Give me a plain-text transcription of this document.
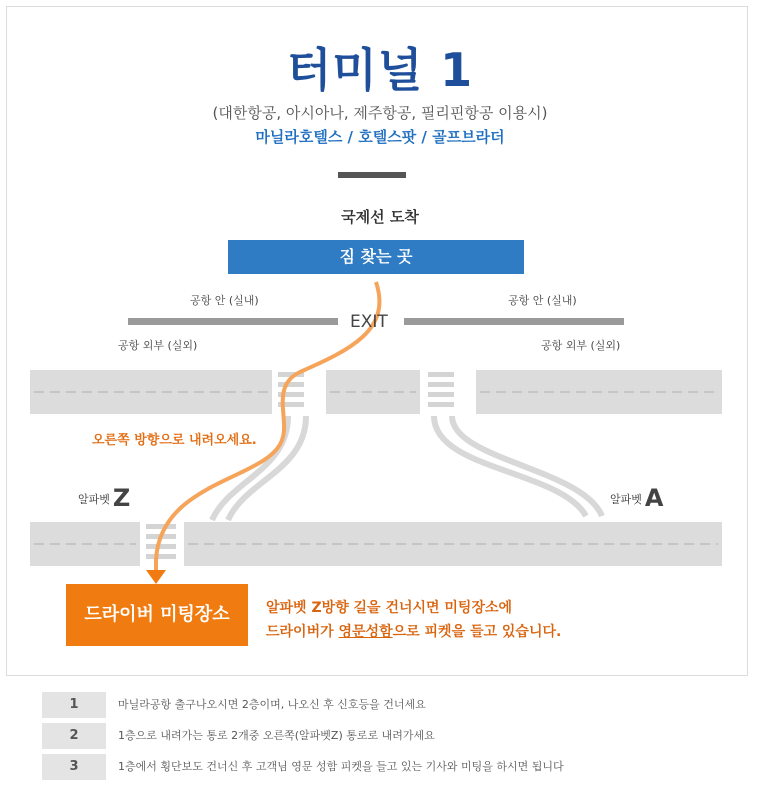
터미널 1
(대한항공, 아시아나, 제주항공, 필리핀항공 이용시)
마닐라호텔스 / 호텔스팟 / 골프브라더
국제선 도착
짐 찾는 곳
공항 안 (실내)	공항 안 (실내)
EXIT
공항 외부 (실외)	공항 외부 (실외)
오른쪽 방향으로 내려오세요.
알파벳 Z	알파벳 A
드라이버 미팅장소	알파벳 Z방향 길을 건너시면 미팅장소에
드라이버가 영문성함으로 피켓을 들고 있습니다.
1	마닐라공항 출구나오시면 2층이며, 나오신 후 신호등을 건너세요
2	1층으로 내려가는 통로 2개중 오른쪽(알파벳Z) 통로로 내려가세요
3	1층에서 횡단보도 건너신 후 고객님 영문 성함 피켓을 들고 있는 기사와 미팅을 하시면 됩니다
